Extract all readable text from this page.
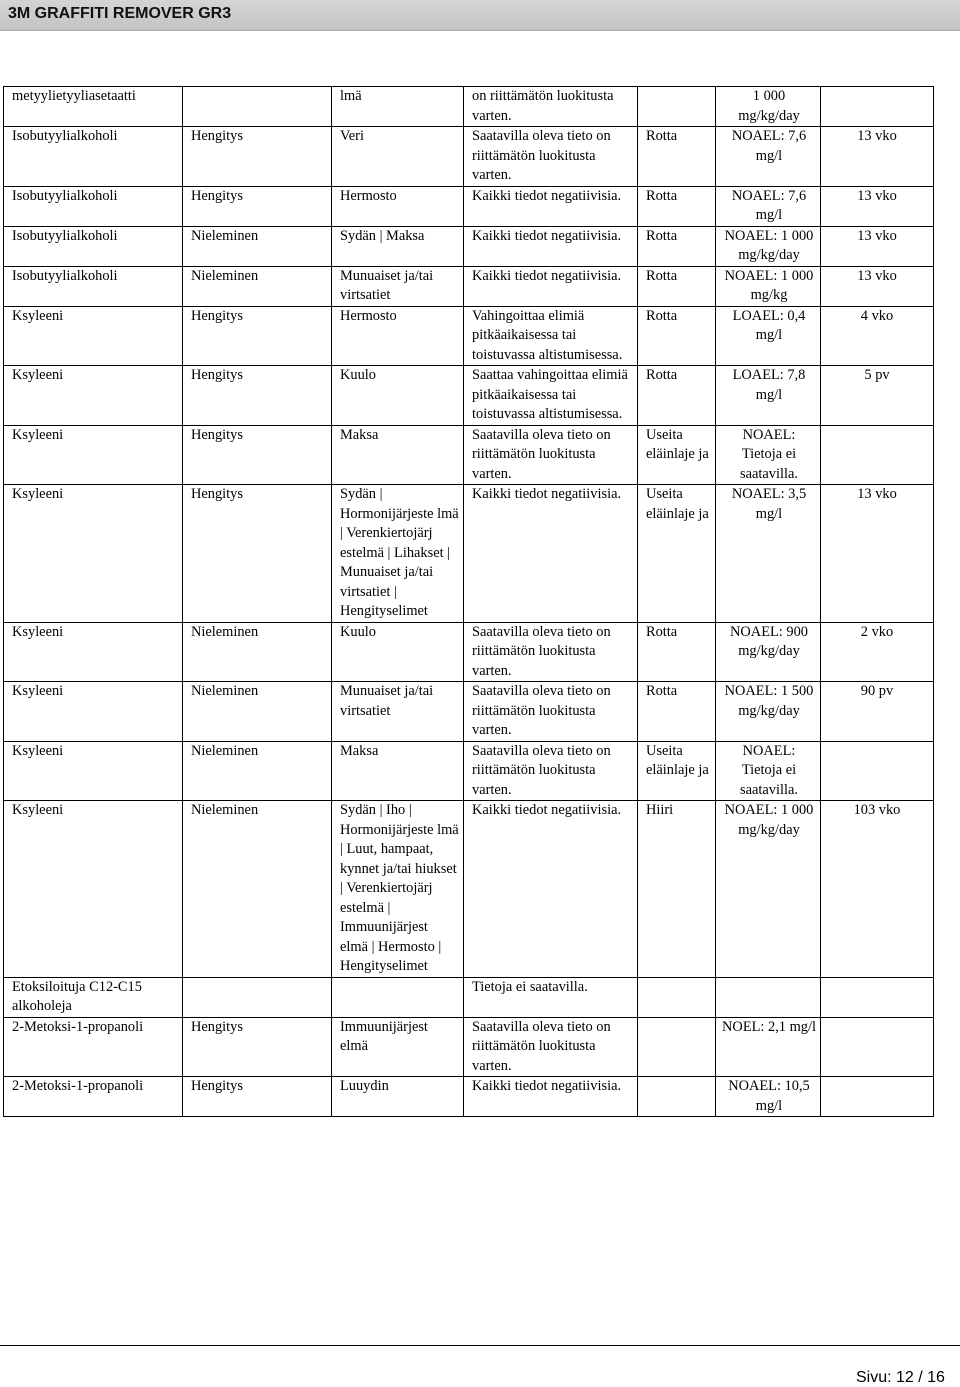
3M GRAFFITI REMOVER GR3
metyylietyyliasetaatti		lmä	on riittämätön luokitusta varten.		1 000 mg/kg/day	
Isobutyylialkoholi	Hengitys	Veri	Saatavilla oleva tieto on riittämätön luokitusta varten.	Rotta	NOAEL: 7,6 mg/l	13 vko
Isobutyylialkoholi	Hengitys	Hermosto	Kaikki tiedot negatiivisia.	Rotta	NOAEL: 7,6 mg/l	13 vko
Isobutyylialkoholi	Nieleminen	Sydän | Maksa	Kaikki tiedot negatiivisia.	Rotta	NOAEL: 1 000 mg/kg/day	13 vko
Isobutyylialkoholi	Nieleminen	Munuaiset ja/tai virtsatiet	Kaikki tiedot negatiivisia.	Rotta	NOAEL: 1 000 mg/kg	13 vko
Ksyleeni	Hengitys	Hermosto	Vahingoittaa elimiä pitkäaikaisessa tai toistuvassa altistumisessa.	Rotta	LOAEL: 0,4 mg/l	4 vko
Ksyleeni	Hengitys	Kuulo	Saattaa vahingoittaa elimiä pitkäaikaisessa tai toistuvassa altistumisessa.	Rotta	LOAEL: 7,8 mg/l	5 pv
Ksyleeni	Hengitys	Maksa	Saatavilla oleva tieto on riittämätön luokitusta varten.	Useita eläinlaje ja	NOAEL: Tietoja ei saatavilla.	
Ksyleeni	Hengitys	Sydän | Hormonijärjeste lmä | Verenkiertojärj estelmä | Lihakset | Munuaiset ja/tai virtsatiet | Hengityselimet	Kaikki tiedot negatiivisia.	Useita eläinlaje ja	NOAEL: 3,5 mg/l	13 vko
Ksyleeni	Nieleminen	Kuulo	Saatavilla oleva tieto on riittämätön luokitusta varten.	Rotta	NOAEL: 900 mg/kg/day	2 vko
Ksyleeni	Nieleminen	Munuaiset ja/tai virtsatiet	Saatavilla oleva tieto on riittämätön luokitusta varten.	Rotta	NOAEL: 1 500 mg/kg/day	90 pv
Ksyleeni	Nieleminen	Maksa	Saatavilla oleva tieto on riittämätön luokitusta varten.	Useita eläinlaje ja	NOAEL: Tietoja ei saatavilla.	
Ksyleeni	Nieleminen	Sydän | Iho | Hormonijärjeste lmä | Luut, hampaat, kynnet ja/tai hiukset | Verenkiertojärj estelmä | Immuunijärjest elmä | Hermosto | Hengityselimet	Kaikki tiedot negatiivisia.	Hiiri	NOAEL: 1 000 mg/kg/day	103 vko
Etoksiloituja C12-C15 alkoholeja			Tietoja ei saatavilla.			
2-Metoksi-1-propanoli	Hengitys	Immuunijärjest elmä	Saatavilla oleva tieto on riittämätön luokitusta varten.		NOEL: 2,1 mg/l	
2-Metoksi-1-propanoli	Hengitys	Luuydin	Kaikki tiedot negatiivisia.		NOAEL: 10,5 mg/l	
Sivu: 12 / 16
